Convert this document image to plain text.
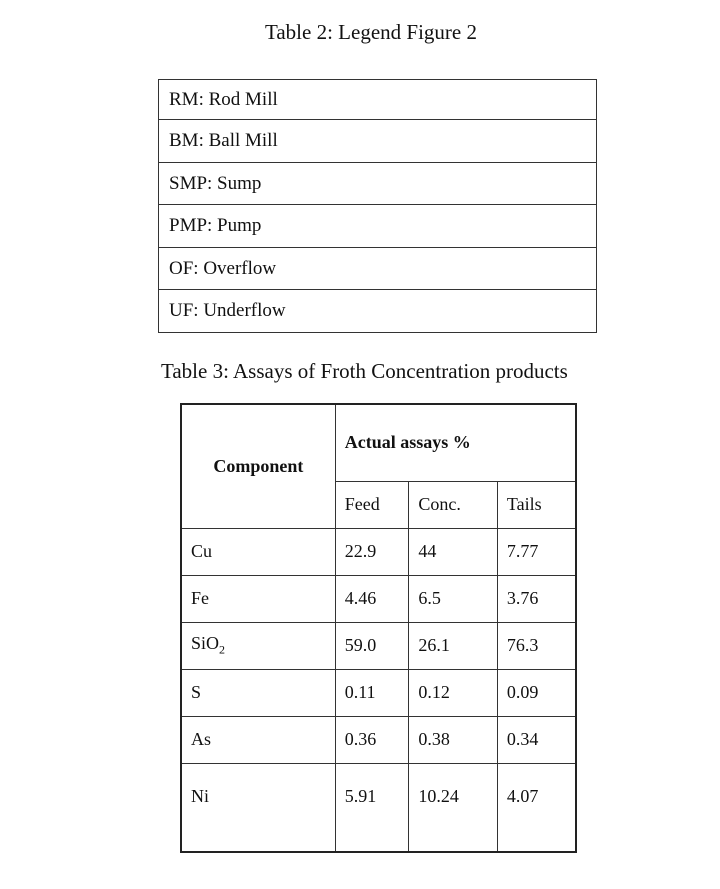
Table 2: Legend Figure 2
RM: Rod Mill
BM: Ball Mill
SMP: Sump
PMP: Pump
OF: Overflow
UF: Underflow
Table 3: Assays of Froth Concentration products
Component	Actual assays %		
	Feed	Conc.	Tails
Cu	22.9	44	7.77
Fe	4.46	6.5	3.76
SiO$_2$	59.0	26.1	76.3
S	0.11	0.12	0.09
As	0.36	0.38	0.34
Ni	5.91	10.24	4.07
